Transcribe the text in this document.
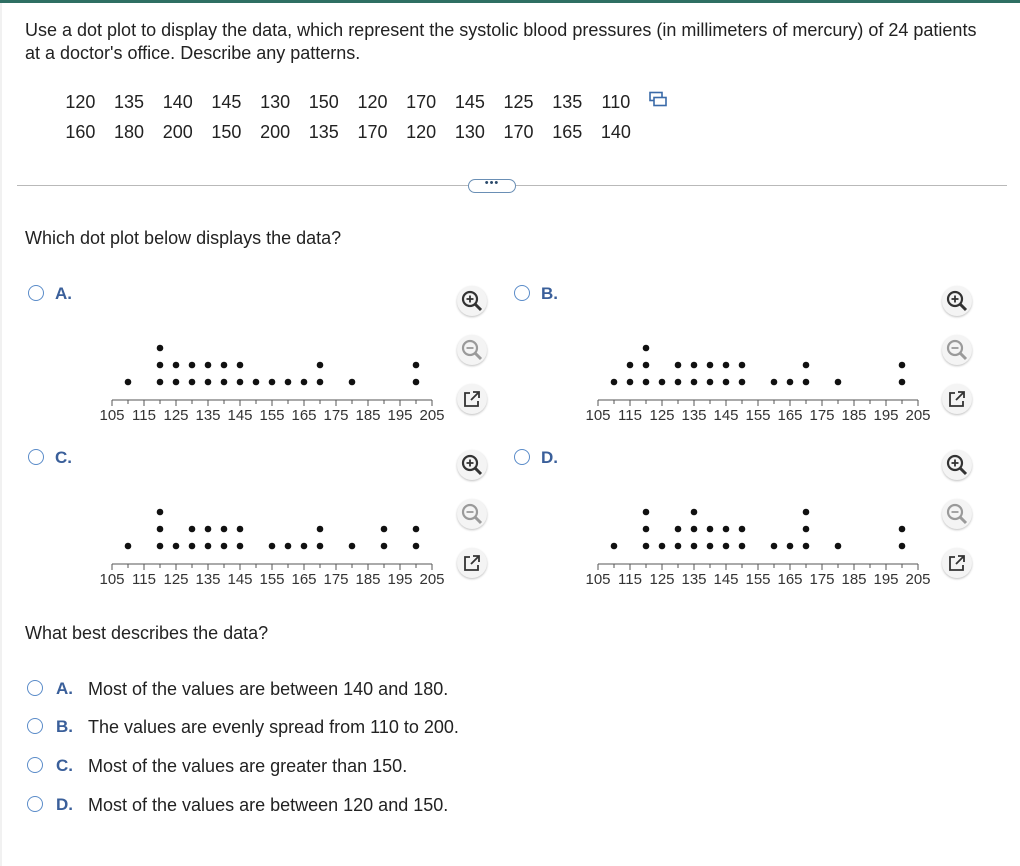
Use a dot plot to display the data, which represent the systolic blood pressures (in millimeters of mercury) of 24 patients at a doctor's office. Describe any patterns.
120	135	140	145	130	150	120	170	145	125	135	110
160	180	200	150	200	135	170	120	130	170	165	140
•••
Which dot plot below displays the data?
A.
105 115 125 135 145 155 165 175 185 195 205
B.
105 115 125 135 145 155 165 175 185 195 205
C.
105 115 125 135 145 155 165 175 185 195 205
D.
105 115 125 135 145 155 165 175 185 195 205
What best describes the data?
A. Most of the values are between 140 and 180.
B. The values are evenly spread from 110 to 200.
C. Most of the values are greater than 150.
D. Most of the values are between 120 and 150.
